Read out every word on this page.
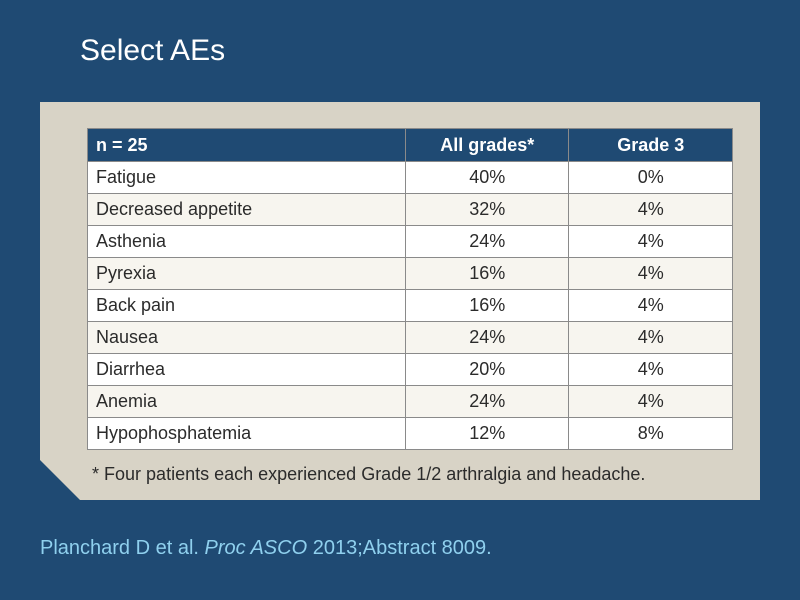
Select AEs
n = 25	All grades*	Grade 3
Fatigue	40%	0%
Decreased appetite	32%	4%
Asthenia	24%	4%
Pyrexia	16%	4%
Back pain	16%	4%
Nausea	24%	4%
Diarrhea	20%	4%
Anemia	24%	4%
Hypophosphatemia	12%	8%

* Four patients each experienced Grade 1/2 arthralgia and headache.

Planchard D et al. Proc ASCO 2013;Abstract 8009.
